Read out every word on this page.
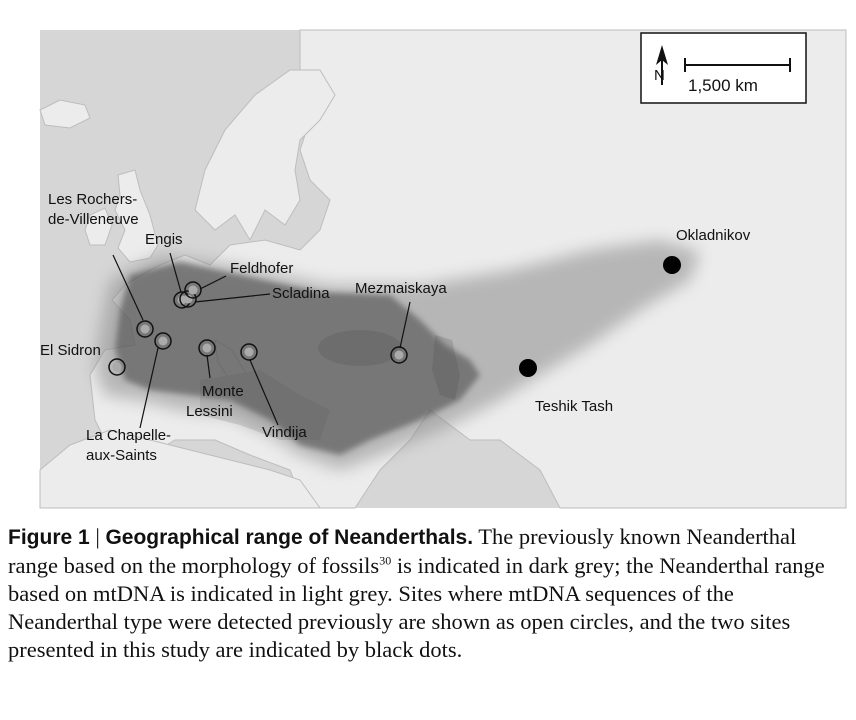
N
1,500 km
Les Rochers-
de-Villeneuve
Engis
Feldhofer
Scladina Mezmaiskaya
El Sidron
La Chapelle-
aux-Saints
Monte
Lessini
Vindija
Okladnikov
Teshik Tash
Figure 1 | Geographical range of Neanderthals. The previously known Neanderthal range based on the morphology of fossils$^{30}$ is indicated in dark grey; the Neanderthal range based on mtDNA is indicated in light grey. Sites where mtDNA sequences of the Neanderthal type were detected previously are shown as open circles, and the two sites presented in this study are indicated by black dots.
